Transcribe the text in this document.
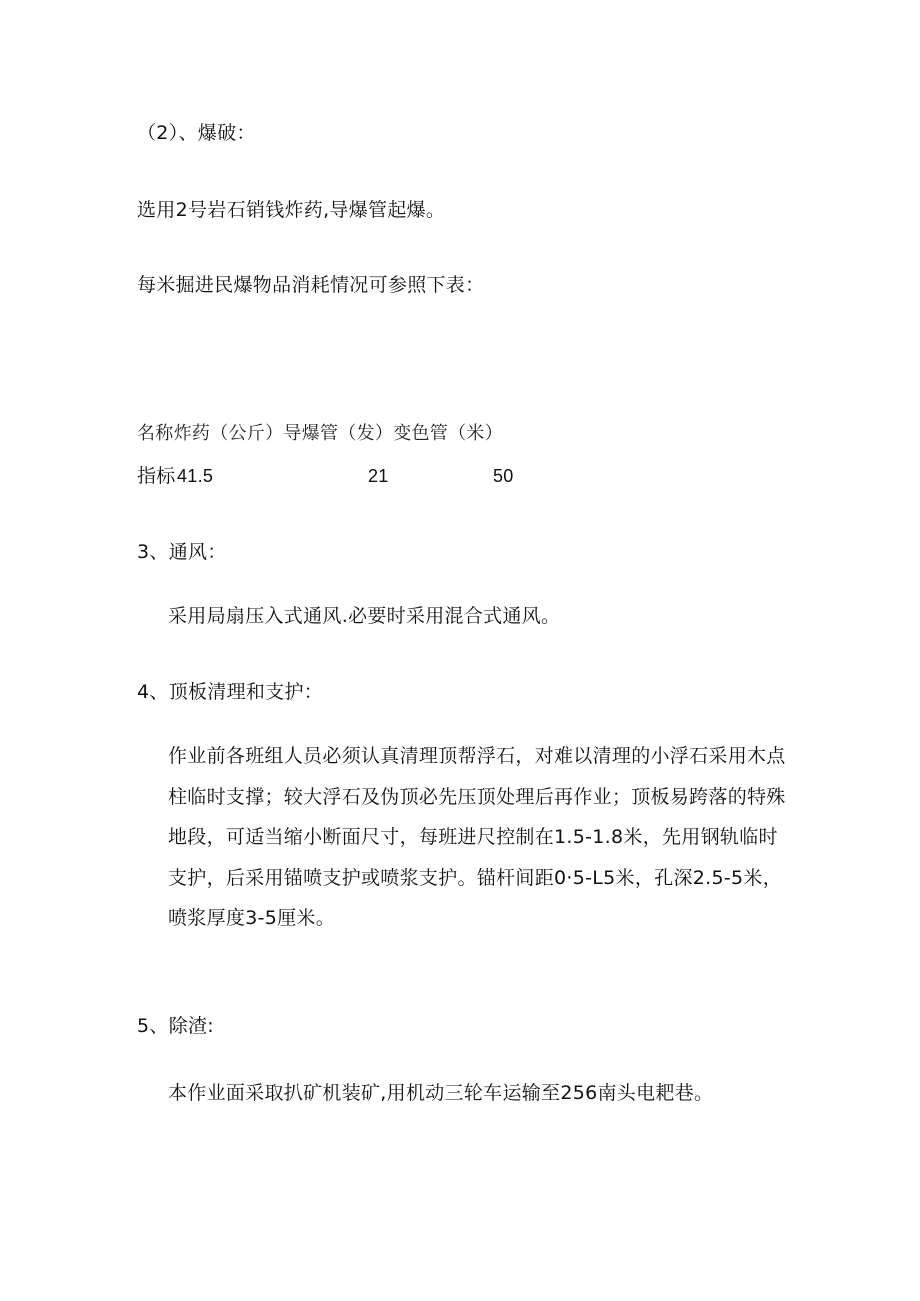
（2）、爆破：
选用2号岩石销钱炸药,导爆管起爆。
每米掘进民爆物品消耗情况可参照下表：
名称炸药（公斤）导爆管（发）变色管（米）
指标 41.5	21	50
3、通风：
采用局扇压入式通风.必要时采用混合式通风。
4、顶板清理和支护：
作业前各班组人员必须认真清理顶帮浮石，对难以清理的小浮石采用木点柱临时支撑；较大浮石及伪顶必先压顶处理后再作业；顶板易跨落的特殊地段，可适当缩小断面尺寸，每班进尺控制在1.5-1.8米，先用钢轨临时支护，后采用锚喷支护或喷浆支护。锚杆间距0·5-L5米，孔深2.5-5米，喷浆厚度3-5厘米。
5、除渣:
本作业面采取扒矿机装矿,用机动三轮车运输至256南头电耙巷。
